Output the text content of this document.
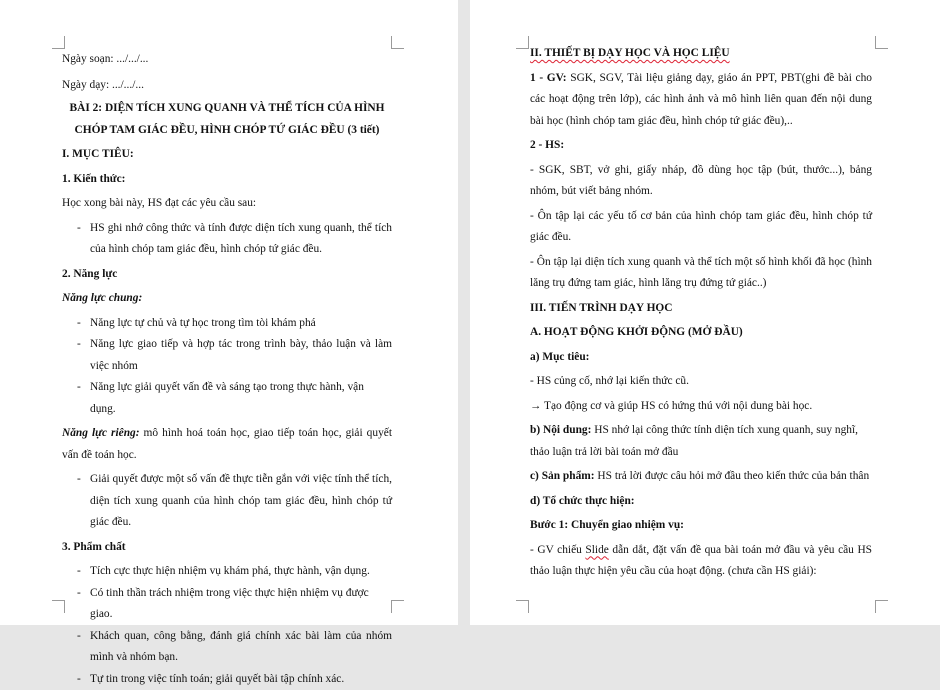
Ngày soạn: .../.../...

Ngày dạy: .../.../...

BÀI 2: DIỆN TÍCH XUNG QUANH VÀ THỂ TÍCH CỦA HÌNH

CHÓP TAM GIÁC ĐỀU, HÌNH CHÓP TỨ GIÁC ĐỀU (3 tiết)

I. MỤC TIÊU:

1. Kiến thức:

Học xong bài này, HS đạt các yêu cầu sau:

- HS ghi nhớ công thức và tính được diện tích xung quanh, thể tích của hình chóp tam giác đều, hình chóp tứ giác đều.

2. Năng lực

Năng lực chung:

- Năng lực tự chủ và tự học trong tìm tòi khám phá

- Năng lực giao tiếp và hợp tác trong trình bày, thảo luận và làm việc nhóm

- Năng lực giải quyết vấn đề và sáng tạo trong thực hành, vận dụng.

Năng lực riêng: mô hình hoá toán học, giao tiếp toán học, giải quyết vấn đề toán học.

- Giải quyết được một số vấn đề thực tiễn gắn với việc tính thể tích, diện tích xung quanh của hình chóp tam giác đều, hình chóp tứ giác đều.

3. Phẩm chất

- Tích cực thực hiện nhiệm vụ khám phá, thực hành, vận dụng.

- Có tinh thần trách nhiệm trong việc thực hiện nhiệm vụ được giao.

- Khách quan, công bằng, đánh giá chính xác bài làm của nhóm mình và nhóm bạn.

- Tự tin trong việc tính toán; giải quyết bài tập chính xác.

II. THIẾT BỊ DẠY HỌC VÀ HỌC LIỆU

1 - GV: SGK, SGV, Tài liệu giảng dạy, giáo án PPT, PBT(ghi đề bài cho các hoạt động trên lớp), các hình ảnh và mô hình liên quan đến nội dung bài học (hình chóp tam giác đều, hình chóp tứ giác đều),..

2 - HS:

- SGK, SBT, vở ghi, giấy nháp, đồ dùng học tập (bút, thước...), bảng nhóm, bút viết bảng nhóm.

- Ôn tập lại các yếu tố cơ bản của hình chóp tam giác đều, hình chóp tứ giác đều.

- Ôn tập lại diện tích xung quanh và thể tích một số hình khối đã học (hình lăng trụ đứng tam giác, hình lăng trụ đứng tứ giác..)

III. TIẾN TRÌNH DẠY HỌC

A. HOẠT ĐỘNG KHỞI ĐỘNG (MỞ ĐẦU)

a) Mục tiêu:

- HS củng cố, nhớ lại kiến thức cũ.

→ Tạo động cơ và giúp HS có hứng thú với nội dung bài học.

b) Nội dung: HS nhớ lại công thức tính diện tích xung quanh, suy nghĩ, thảo luận trả lời bài toán mở đầu

c) Sản phẩm: HS trả lời được câu hỏi mở đầu theo kiến thức của bản thân

d) Tổ chức thực hiện:

Bước 1: Chuyển giao nhiệm vụ:

- GV chiếu Slide dẫn dắt, đặt vấn đề qua bài toán mở đầu và yêu cầu HS thảo luận thực hiện yêu cầu của hoạt động. (chưa cần HS giải):
